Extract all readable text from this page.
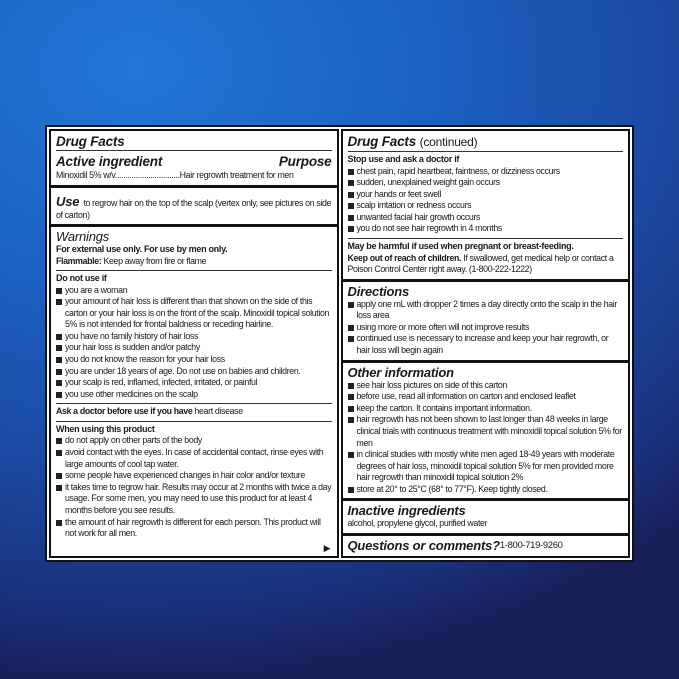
Drug Facts
Active ingredient	Purpose
Minoxidil 5% w/v...............................Hair regrowth treatment for men
Use to regrow hair on the top of the scalp (vertex only, see pictures on side of carton)
Warnings
For external use only. For use by men only.
Flammable: Keep away from fire or flame
Do not use if
you are a woman
your amount of hair loss is different than that shown on the side of this carton or your hair loss is on the front of the scalp. Minoxidil topical solution 5% is not intended for frontal baldness or receding hairline.
you have no family history of hair loss
your hair loss is sudden and/or patchy
you do not know the reason for your hair loss
you are under 18 years of age. Do not use on babies and children.
your scalp is red, inflamed, infected, irritated, or painful
you use other medicines on the scalp
Ask a doctor before use if you have heart disease
When using this product
do not apply on other parts of the body
avoid contact with the eyes. In case of accidental contact, rinse eyes with large amounts of cool tap water.
some people have experienced changes in hair color and/or texture
it takes time to regrow hair. Results may occur at 2 months with twice a day usage. For some men, you may need to use this product for at least 4 months before you see results.
the amount of hair regrowth is different for each person. This product will not work for all men.
▶
Drug Facts (continued)
Stop use and ask a doctor if
chest pain, rapid heartbeat, faintness, or dizziness occurs
sudden, unexplained weight gain occurs
your hands or feet swell
scalp irritation or redness occurs
unwanted facial hair growth occurs
you do not see hair regrowth in 4 months
May be harmful if used when pregnant or breast-feeding.
Keep out of reach of children. If swallowed, get medical help or contact a Poison Control Center right away. (1-800-222-1222)
Directions
apply one mL with dropper 2 times a day directly onto the scalp in the hair loss area
using more or more often will not improve results
continued use is necessary to increase and keep your hair regrowth, or hair loss will begin again
Other information
see hair loss pictures on side of this carton
before use, read all information on carton and enclosed leaflet
keep the carton. It contains important information.
hair regrowth has not been shown to last longer than 48 weeks in large clinical trials with continuous treatment with minoxidil topical solution 5% for men
in clinical studies with mostly white men aged 18-49 years with moderate degrees of hair loss, minoxidil topical solution 5% for men provided more hair regrowth than minoxidil topical solution 2%
store at 20° to 25°C (68° to 77°F). Keep tightly closed.
Inactive ingredients
alcohol, propylene glycol, purified water
Questions or comments? 1-800-719-9260
